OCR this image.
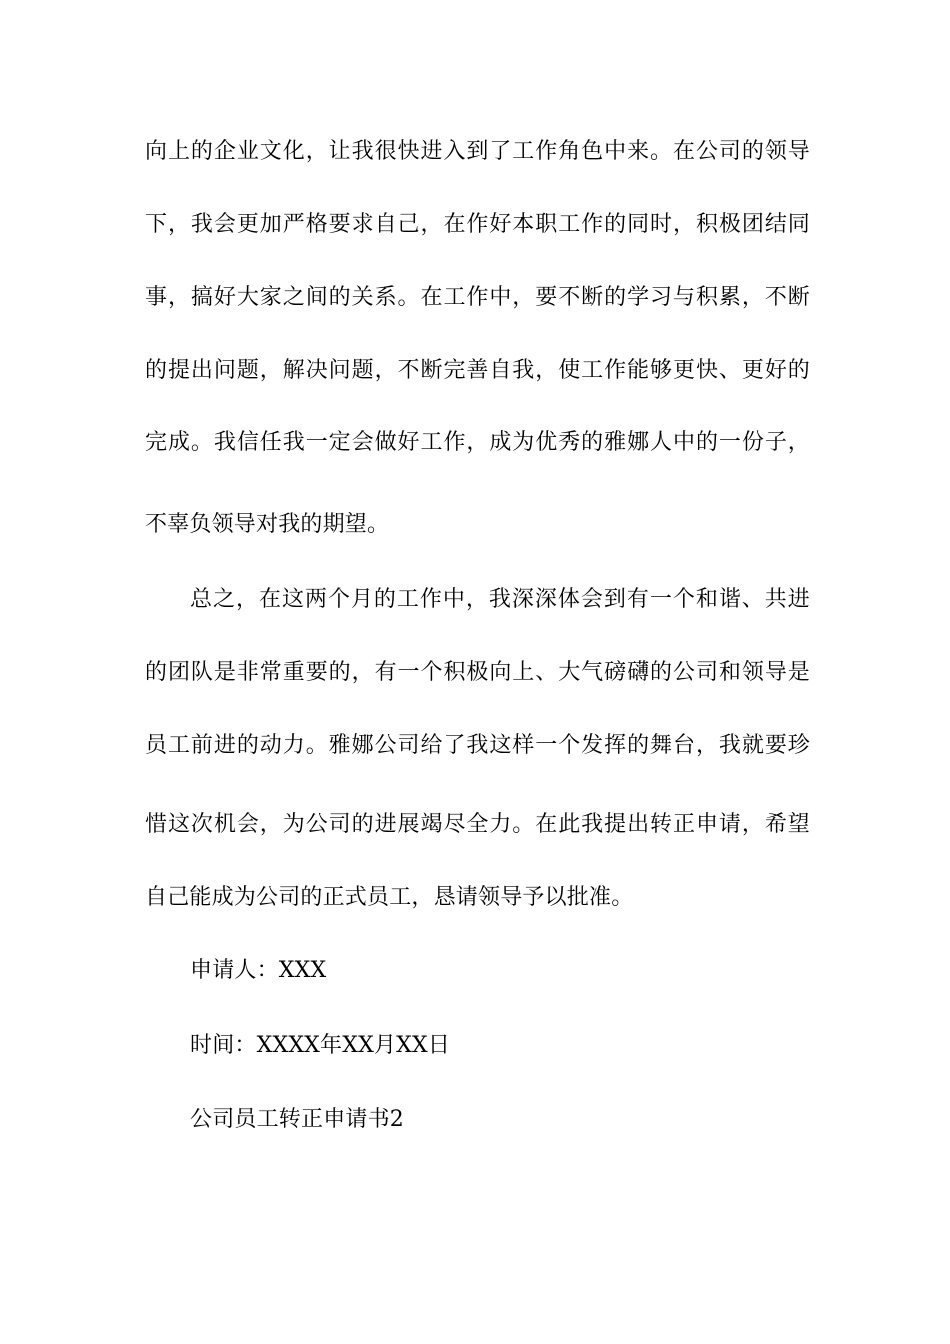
向上的企业文化，让我很快进入到了工作角色中来。在公司的领导
下，我会更加严格要求自己，在作好本职工作的同时，积极团结同
事，搞好大家之间的关系。在工作中，要不断的学习与积累，不断
的提出问题，解决问题，不断完善自我，使工作能够更快、更好的
完成。我信任我一定会做好工作，成为优秀的雅娜人中的一份子，
不辜负领导对我的期望。
总之，在这两个月的工作中，我深深体会到有一个和谐、共进
的团队是非常重要的，有一个积极向上、大气磅礴的公司和领导是
员工前进的动力。雅娜公司给了我这样一个发挥的舞台，我就要珍
惜这次机会，为公司的进展竭尽全力。在此我提出转正申请，希望
自己能成为公司的正式员工，恳请领导予以批准。
申请人：XXX
时间：XXXX年XX月XX日
公司员工转正申请书2
